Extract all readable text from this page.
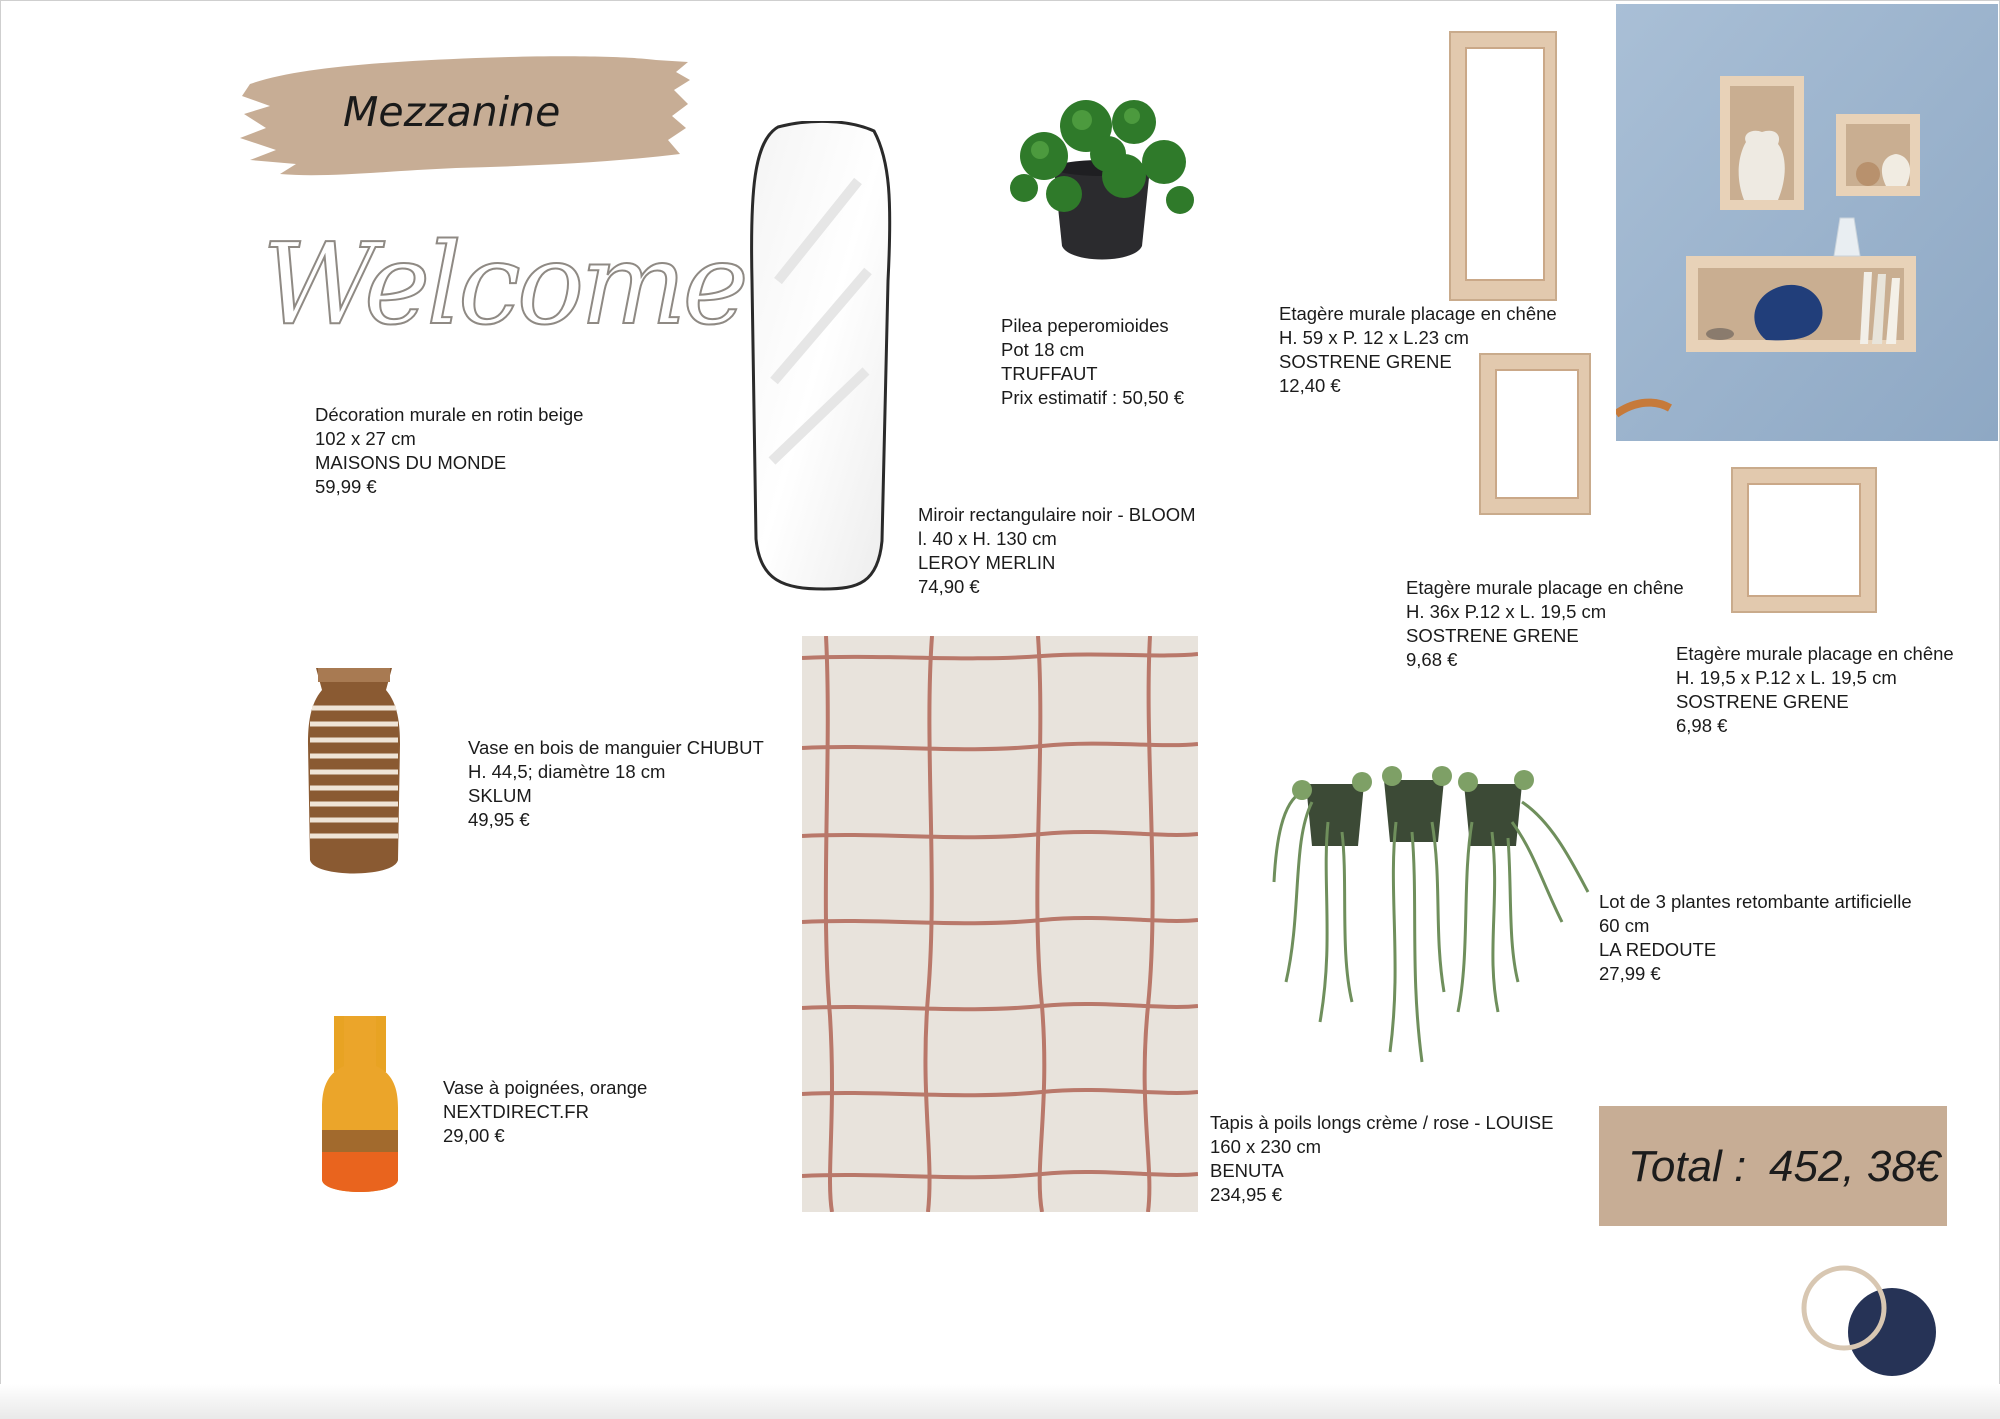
Mezzanine
Welcome
Décoration murale en rotin beige
102 x 27 cm
MAISONS DU MONDE
59,99 €
Miroir rectangulaire noir - BLOOM
l. 40 x H. 130 cm
LEROY MERLIN
74,90 €
Pilea peperomioides
Pot 18 cm
TRUFFAUT
Prix estimatif : 50,50 €
Etagère murale placage en chêne
H. 59 x P. 12 x L.23 cm
SOSTRENE GRENE
12,40 €
Etagère murale placage en chêne
H. 36x P.12 x L. 19,5 cm
SOSTRENE GRENE
9,68 €	Etagère murale placage en chêne
H. 19,5 x P.12 x L. 19,5 cm
SOSTRENE GRENE
6,98 €
Vase en bois de manguier CHUBUT
H. 44,5; diamètre 18 cm
SKLUM
49,95 €
Vase à poignées, orange
NEXTDIRECT.FR
29,00 €
Tapis à poils longs crème / rose - LOUISE
160 x 230 cm
BENUTA
234,95 €
Lot de 3 plantes retombante artificielle
60 cm
LA REDOUTE
27,99 €
Total : 452, 38€
